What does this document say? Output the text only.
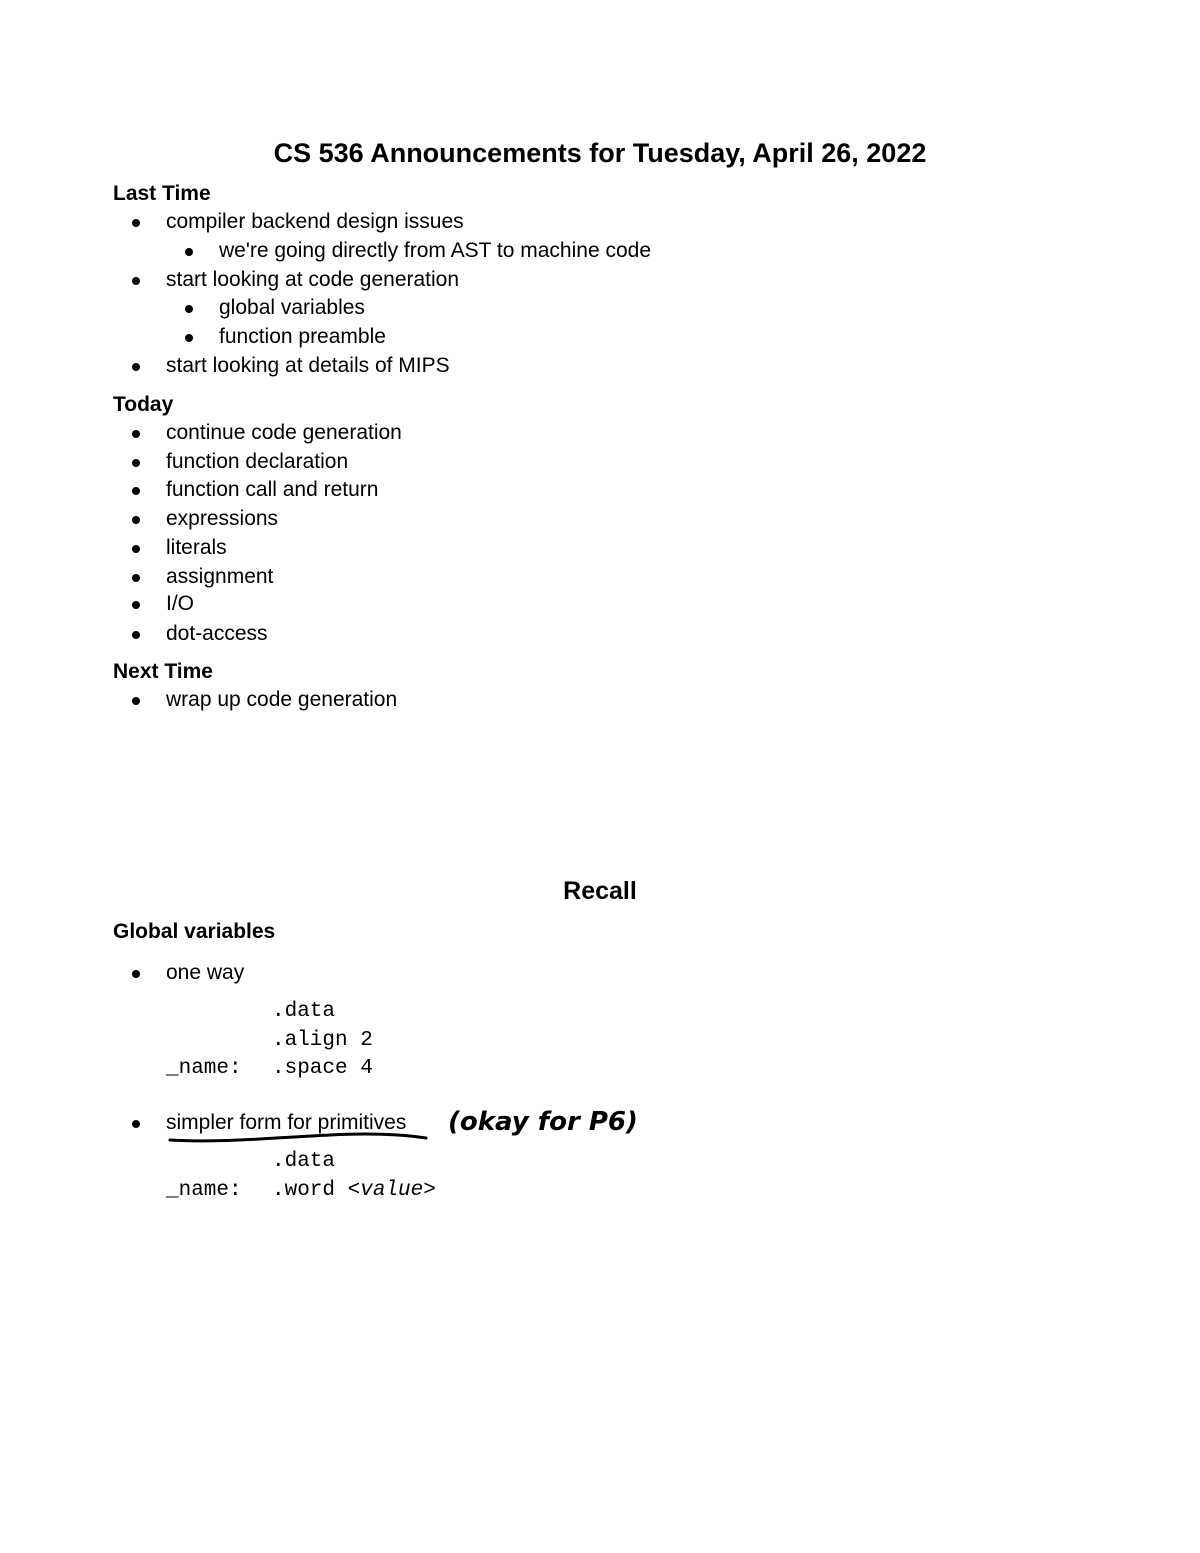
CS 536 Announcements for Tuesday, April 26, 2022
Last Time
compiler backend design issues
we're going directly from AST to machine code
start looking at code generation
global variables
function preamble
start looking at details of MIPS
Today
continue code generation
function declaration
function call and return
expressions
literals
assignment
I/O
dot-access
Next Time
wrap up code generation
Recall
Global variables
one way
.data
.align 2
_name: .space 4
simpler form for primitives (okay for P6)
.data
_name: .word <value>
